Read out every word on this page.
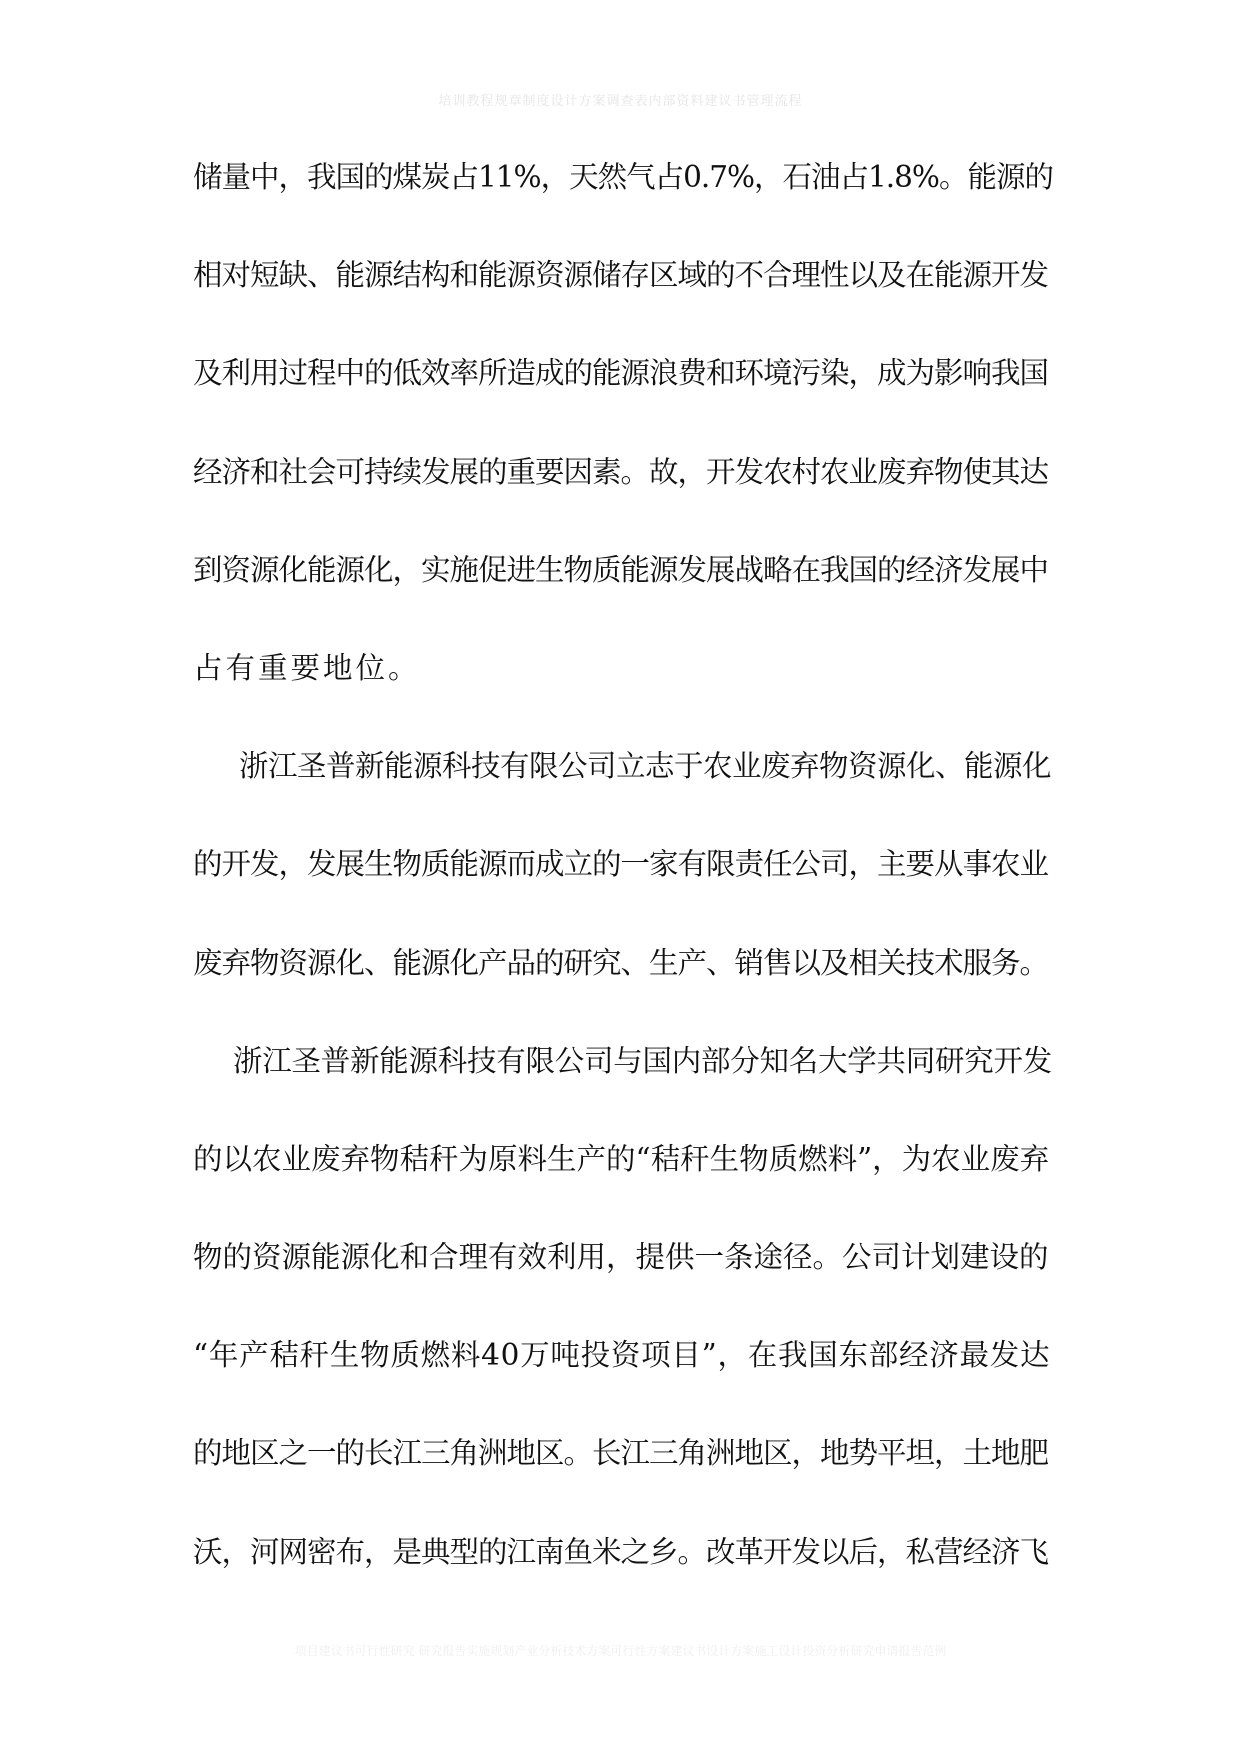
培训教程规章制度设计方案调查表内部资料建议书管理流程
储量中，我国的煤炭占11%，天然气占0.7%，石油占1.8%。能源的
相对短缺、能源结构和能源资源储存区域的不合理性以及在能源开发
及利用过程中的低效率所造成的能源浪费和环境污染，成为影响我国
经济和社会可持续发展的重要因素。故，开发农村农业废弃物使其达
到资源化能源化，实施促进生物质能源发展战略在我国的经济发展中
占有重要地位。
浙江圣普新能源科技有限公司立志于农业废弃物资源化、能源化
的开发，发展生物质能源而成立的一家有限责任公司，主要从事农业
废弃物资源化、能源化产品的研究、生产、销售以及相关技术服务。
浙江圣普新能源科技有限公司与国内部分知名大学共同研究开发
的以农业废弃物秸秆为原料生产的“秸秆生物质燃料”，为农业废弃
物的资源能源化和合理有效利用，提供一条途径。公司计划建设的
“年产秸秆生物质燃料40万吨投资项目”，在我国东部经济最发达
的地区之一的长江三角洲地区。长江三角洲地区，地势平坦，土地肥
沃，河网密布，是典型的江南鱼米之乡。改革开发以后，私营经济飞
项目建议书可行性研究 研究报告实施规划产业分析技术方案可行性方案建议书设计方案施工设计投资分析研究申请报告范例
